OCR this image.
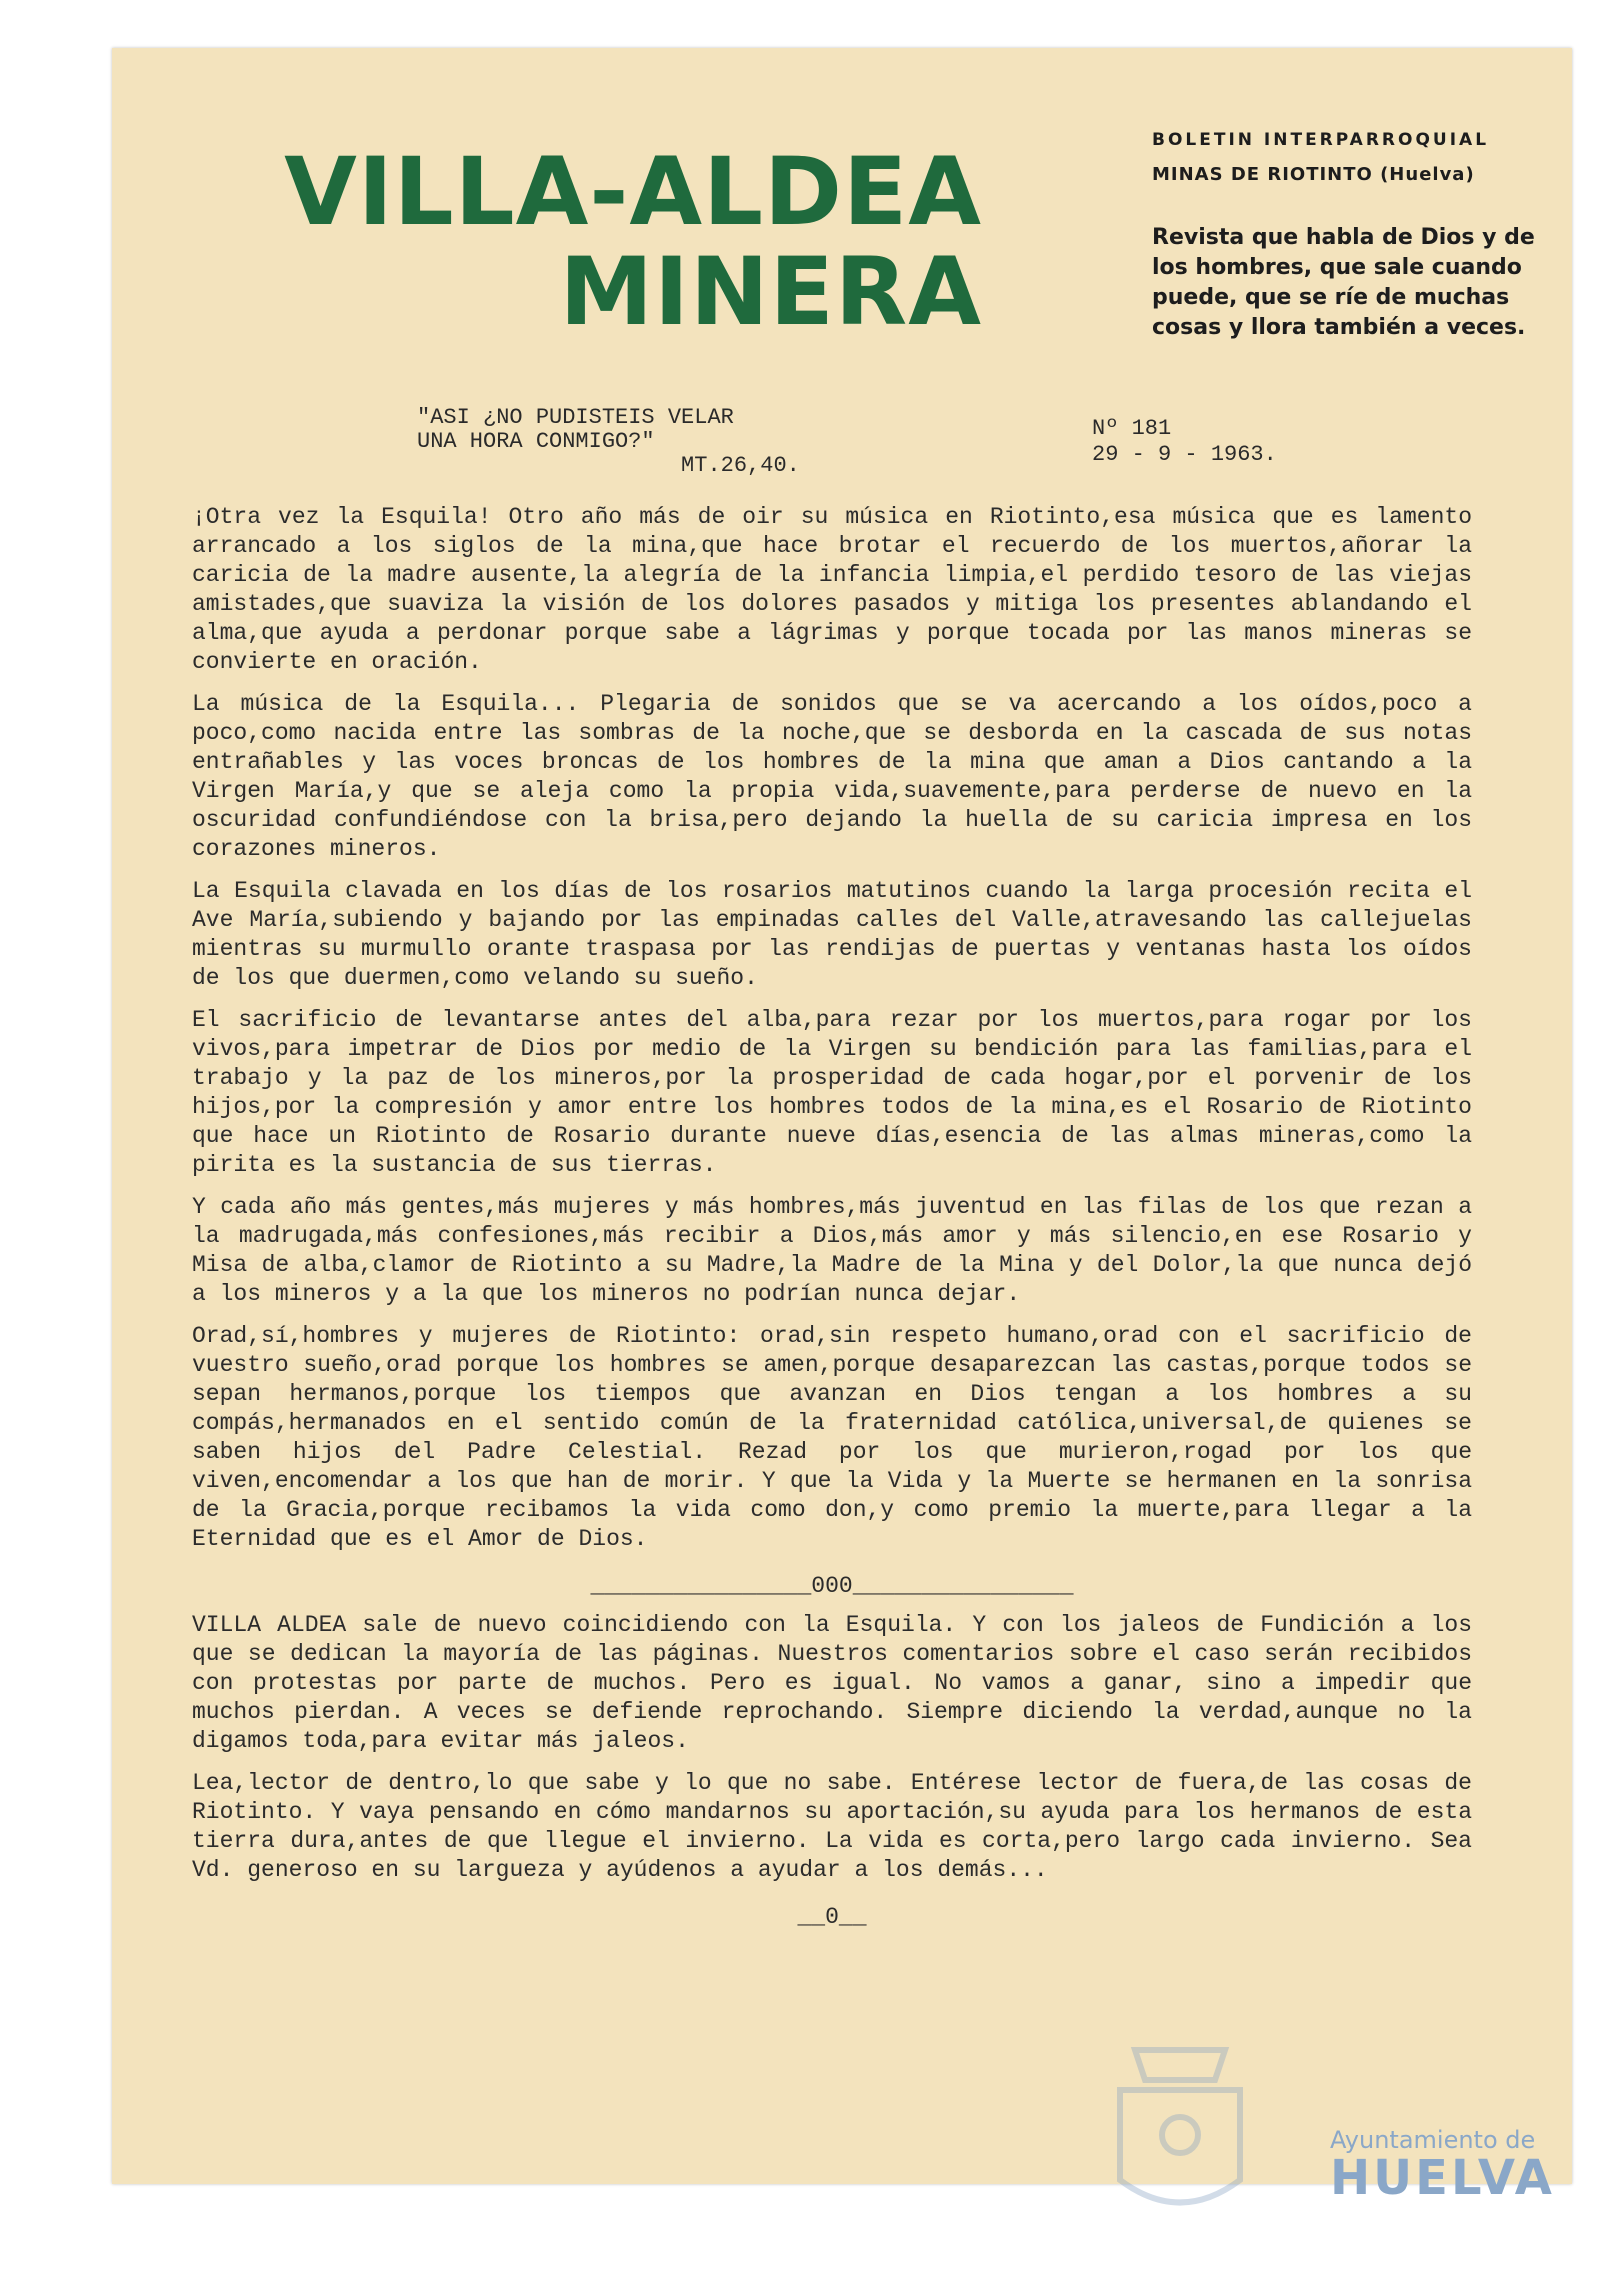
VILLA-ALDEA
MINERA
BOLETIN INTERPARROQUIAL
MINAS DE RIOTINTO (Huelva)
Revista que habla de Dios y de los hombres, que sale cuando puede, que se ríe de muchas cosas y llora también a veces.
"ASI ¿NO PUDISTEIS VELAR
UNA HORA CONMIGO?"
MT.26,40.
Nº 181
29 - 9 - 1963.

¡Otra vez la Esquila! Otro año más de oir su música en Riotinto,esa música que es lamento arrancado a los siglos de la mina,que hace brotar el recuerdo de los muertos,añorar la caricia de la madre ausente,la alegría de la infancia limpia,el perdido tesoro de las viejas amistades,que suaviza la visión de los dolores pasados y mitiga los presentes ablandando el alma,que ayuda a perdonar porque sabe a lágrimas y porque tocada por las manos mineras se convierte en oración.

La música de la Esquila... Plegaria de sonidos que se va acercando a los oídos,poco a poco,como nacida entre las sombras de la noche,que se desborda en la cascada de sus notas entrañables y las voces broncas de los hombres de la mina que aman a Dios cantando a la Virgen María,y que se aleja como la propia vida,suavemente,para perderse de nuevo en la oscuridad confundiéndose con la brisa,pero dejando la huella de su caricia impresa en los corazones mineros.

La Esquila clavada en los días de los rosarios matutinos cuando la larga procesión recita el Ave María,subiendo y bajando por las empinadas calles del Valle,atravesando las callejuelas mientras su murmullo orante traspasa por las rendijas de puertas y ventanas hasta los oídos de los que duermen,como velando su sueño.

El sacrificio de levantarse antes del alba,para rezar por los muertos,para rogar por los vivos,para impetrar de Dios por medio de la Virgen su bendición para las familias,para el trabajo y la paz de los mineros,por la prosperidad de cada hogar,por el porvenir de los hijos,por la compresión y amor entre los hombres todos de la mina,es el Rosario de Riotinto que hace un Riotinto de Rosario durante nueve días,esencia de las almas mineras,como la pirita es la sustancia de sus tierras.

Y cada año más gentes,más mujeres y más hombres,más juventud en las filas de los que rezan a la madrugada,más confesiones,más recibir a Dios,más amor y más silencio,en ese Rosario y Misa de alba,clamor de Riotinto a su Madre,la Madre de la Mina y del Dolor,la que nunca dejó a los mineros y a la que los mineros no podrían nunca dejar.

Orad,sí,hombres y mujeres de Riotinto: orad,sin respeto humano,orad con el sacrificio de vuestro sueño,orad porque los hombres se amen,porque desaparezcan las castas,porque todos se sepan hermanos,porque los tiempos que avanzan en Dios tengan a los hombres a su compás,hermanados en el sentido común de la fraternidad católica,universal,de quienes se saben hijos del Padre Celestial. Rezad por los que murieron,rogad por los que viven,encomendar a los que han de morir. Y que la Vida y la Muerte se hermanen en la sonrisa de la Gracia,porque recibamos la vida como don,y como premio la muerte,para llegar a la Eternidad que es el Amor de Dios.

________________000________________

VILLA ALDEA sale de nuevo coincidiendo con la Esquila. Y con los jaleos de Fundición a los que se dedican la mayoría de las páginas. Nuestros comentarios sobre el caso serán recibidos con protestas por parte de muchos. Pero es igual. No vamos a ganar, sino a impedir que muchos pierdan. A veces se defiende reprochando. Siempre diciendo la verdad,aunque no la digamos toda,para evitar más jaleos.

Lea,lector de dentro,lo que sabe y lo que no sabe. Entérese lector de fuera,de las cosas de Riotinto. Y vaya pensando en cómo mandarnos su aportación,su ayuda para los hermanos de esta tierra dura,antes de que llegue el invierno. La vida es corta,pero largo cada invierno. Sea Vd. generoso en su largueza y ayúdenos a ayudar a los demás...

__0__
Ayuntamiento de
HUELVA
